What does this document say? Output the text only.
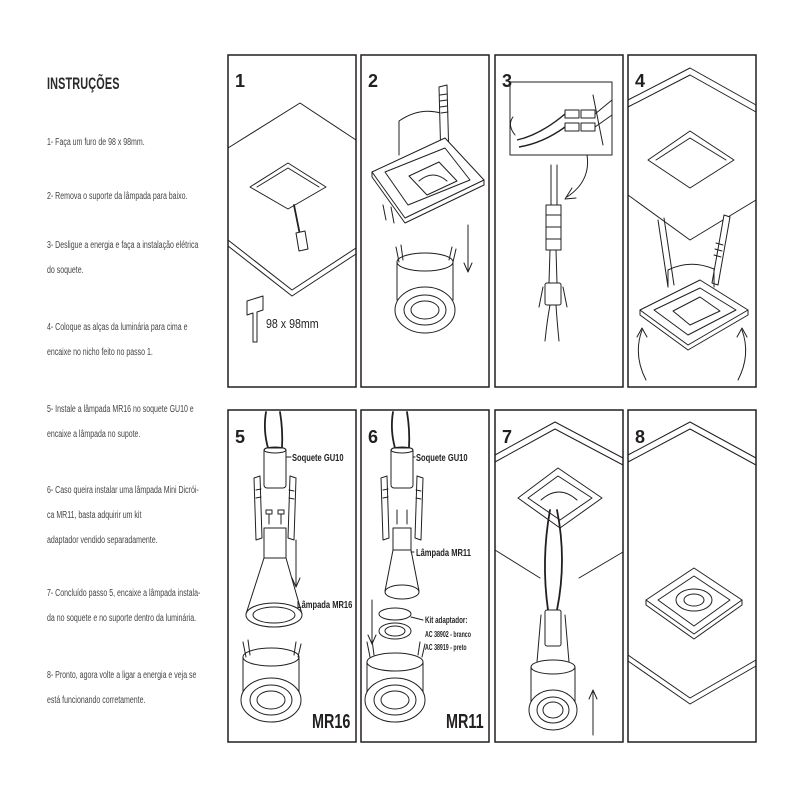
INSTRUÇÕES
1- Faça um furo de 98 x 98mm.
2- Remova o suporte da lâmpada para baixo.
3- Desligue a energia e faça a instalação elétrica
do soquete.
4- Coloque as alças da luminária para cima e
encaixe no nicho feito no passo 1.
5- Instale a lâmpada MR16 no soquete GU10 e
encaixe a lâmpada no supote.
6- Caso queira instalar uma lâmpada Mini Dicrói-
ca MR11, basta adquirir um kit
adaptador vendido separadamente.
7- Concluído passo 5, encaixe a lâmpada instala-
da no soquete e no suporte dentro da luminária.
8- Pronto, agora volte a ligar a energia e veja se
está funcionando corretamente.
1
98 x 98mm
2	3	4
5
Soquete GU10
Lâmpada MR16
MR16
6
Soquete GU10
Lâmpada MR11
Kit adaptador:
AC 38902 - branco
AC 38919 - preto
MR11
7	8
